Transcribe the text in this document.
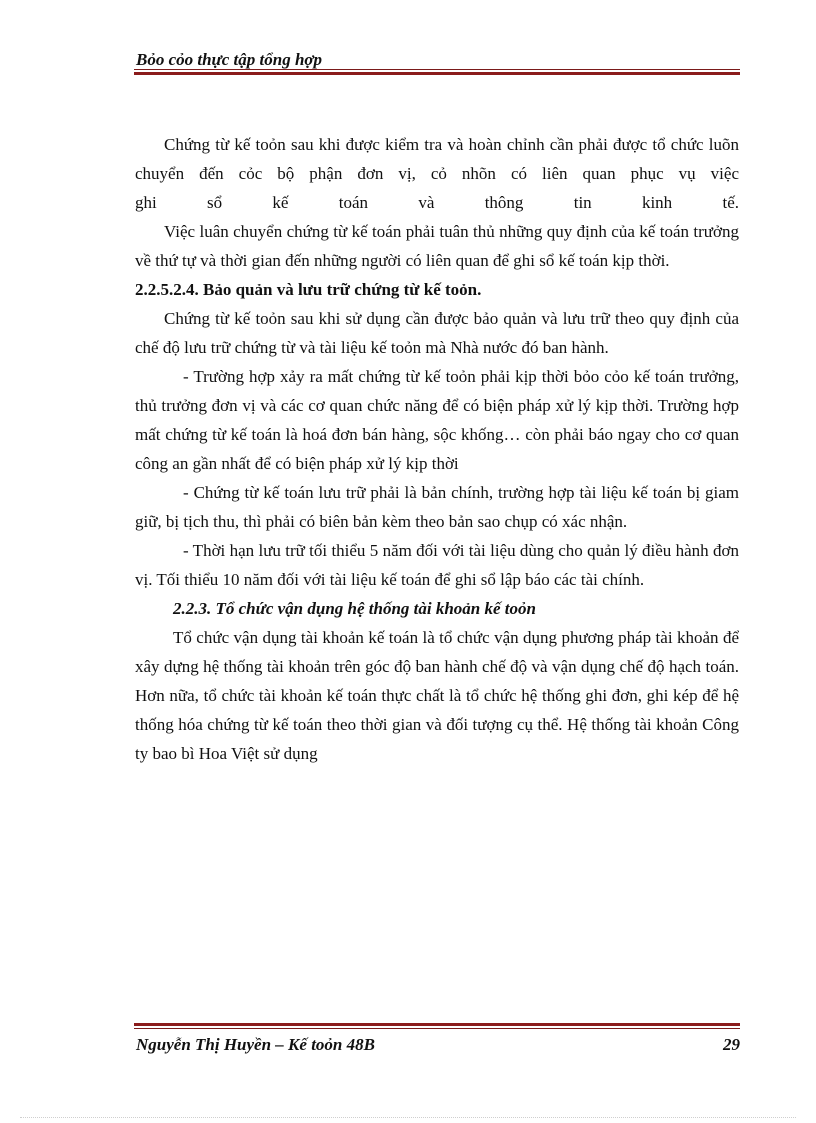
Bỏo cỏo thực tập tổng hợp

Chứng từ kế toỏn sau khi được kiểm tra và hoàn chỉnh cần phải được tổ chức luõn chuyển đến cỏc bộ phận đơn vị, cỏ nhõn có liên quan phục vụ việc

ghi sổ kế toán và thông tin kinh tế.

Việc luân chuyển chứng từ kế toán phải tuân thủ những quy định của kế toán trưởng về thứ tự và thời gian đến những người có liên quan để ghi sổ kế toán kịp thời.

2.2.5.2.4. Bảo quản và lưu trữ chứng từ kế toỏn.

Chứng từ kế toỏn sau khi sử dụng cần được bảo quản và lưu trữ theo quy định của chế độ lưu trữ chứng từ và tài liệu kế toỏn mà Nhà nước đó ban hành.

- Trường hợp xảy ra mất chứng từ kế toỏn phải kịp thời bỏo cỏo kế toán trưởng, thủ trưởng đơn vị và các cơ quan chức năng để có biện pháp xử lý kịp thời. Trường hợp mất chứng từ kế toán là hoá đơn bán hàng, sộc khống… còn phải báo ngay cho cơ quan công an gần nhất để có biện pháp xử lý kịp thời

- Chứng từ kế toán lưu trữ phải là bản chính, trường hợp tài liệu kế toán bị giam giữ, bị tịch thu, thì phải có biên bản kèm theo bản sao chụp có xác nhận.

- Thời hạn lưu trữ tối thiểu 5 năm đối với tài liệu dùng cho quản lý điều hành đơn vị. Tối thiểu 10 năm đối với tài liệu kế toán để ghi sổ lập báo các tài chính.

2.2.3. Tổ chức vận dụng hệ thống tài khoản kế toỏn

Tổ chức vận dụng tài khoản kế toán là tổ chức vận dụng phương pháp tài khoản để xây dựng hệ thống tài khoản trên góc độ ban hành chế độ và vận dụng chế độ hạch toán. Hơn nữa, tổ chức tài khoản kế toán thực chất là tổ chức hệ thống ghi đơn, ghi kép để hệ thống hóa chứng từ kế toán theo thời gian và đối tượng cụ thể. Hệ thống tài khoản Công ty bao bì Hoa Việt sử dụng

Nguyễn Thị Huyền – Kế toỏn 48B	29
